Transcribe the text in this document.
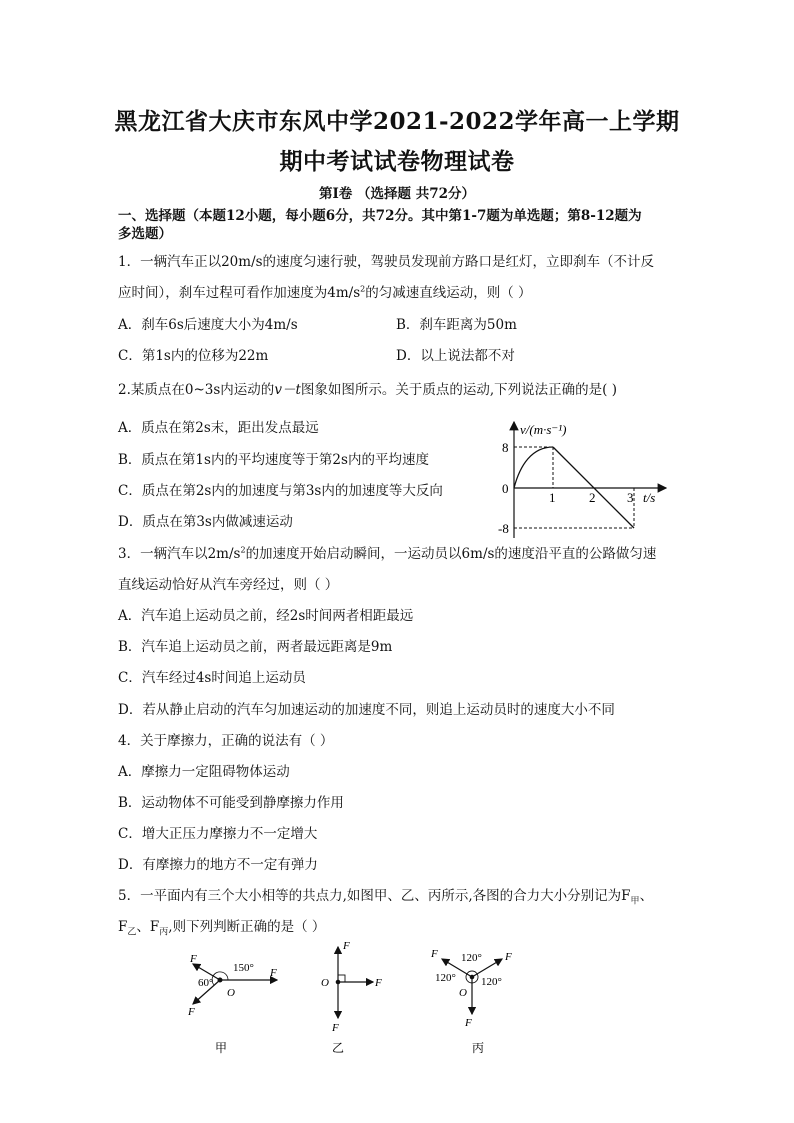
黑龙江省大庆市东风中学2021-2022学年高一上学期
期中考试试卷物理试卷
第Ⅰ卷 （选择题 共72分）
一、选择题（本题12小题，每小题6分，共72分。其中第1-7题为单选题；第8-12题为
多选题）
1．一辆汽车正以20m/s的速度匀速行驶，驾驶员发现前方路口是红灯，立即刹车（不计反
应时间），刹车过程可看作加速度为$4m/s^2$的匀减速直线运动，则（ ）
A．刹车6s后速度大小为4m/s	B．刹车距离为50m
C．第1s内的位移为22m	D．以上说法都不对
2.某质点在0~3s内运动的v－t图象如图所示。关于质点的运动,下列说法正确的是( )
A．质点在第2s末，距出发点最远
B．质点在第1s内的平均速度等于第2s内的平均速度
C．质点在第2s内的加速度与第3s内的加速度等大反向
D．质点在第3s内做减速运动
v/(m·s⁻¹)
t/s
8
0
-8
1	2 3
3．一辆汽车以$2m/s^2$的加速度开始启动瞬间，一运动员以6m/s的速度沿平直的公路做匀速
直线运动恰好从汽车旁经过，则（ ）
A．汽车追上运动员之前，经2s时间两者相距最远
B．汽车追上运动员之前，两者最远距离是9m
C．汽车经过4s时间追上运动员
D．若从静止启动的汽车匀加速运动的加速度不同，则追上运动员时的速度大小不同
4．关于摩擦力，正确的说法有（ ）
A．摩擦力一定阻碍物体运动
B．运动物体不可能受到静摩擦力作用
C．增大正压力摩擦力不一定增大
D．有摩擦力的地方不一定有弹力
5．一平面内有三个大小相等的共点力,如图甲、乙、丙所示,各图的合力大小分别记为$F_甲$、
$F_乙$、$F_丙$,则下列判断正确的是（ ）
F
F
F
150°
60°
O
甲
F
F
F
O
乙
F	F
F
120°
120° 120°
O
丙
